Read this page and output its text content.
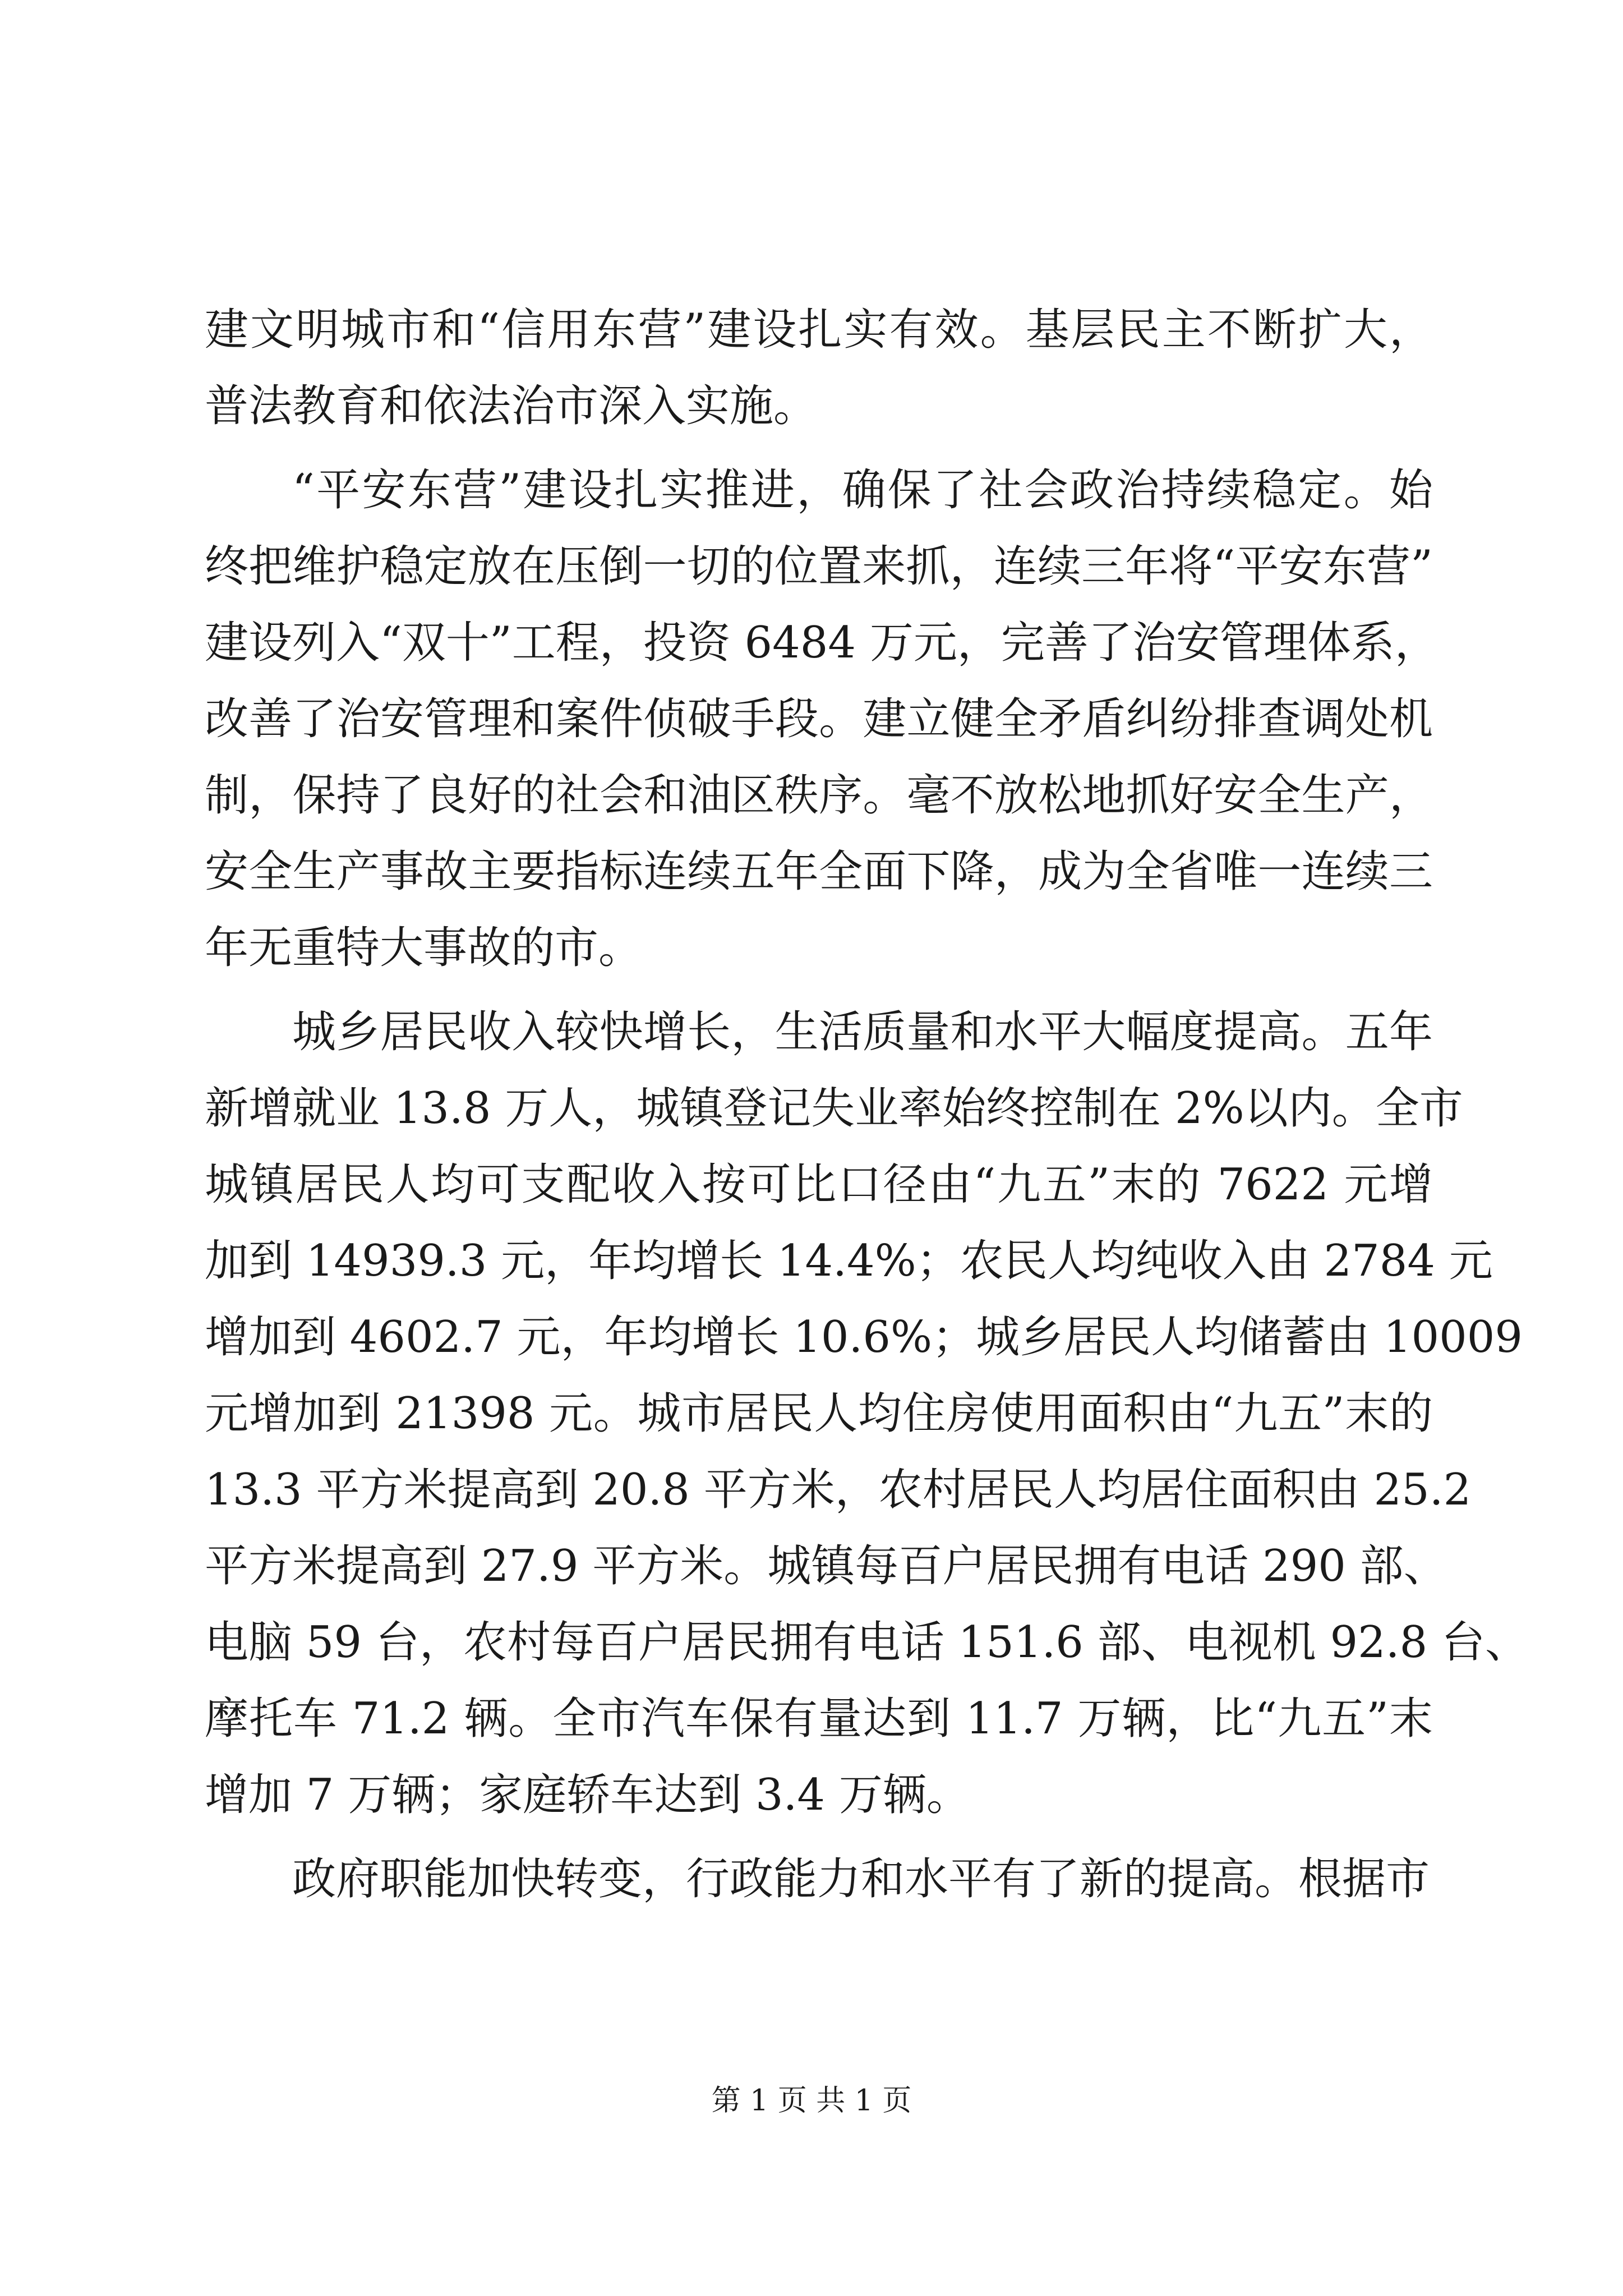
建文明城市和“信用东营”建设扎实有效。基层民主不断扩大，
普法教育和依法治市深入实施。
“平安东营”建设扎实推进，确保了社会政治持续稳定。始
终把维护稳定放在压倒一切的位置来抓，连续三年将“平安东营”
建设列入“双十”工程，投资 6484 万元，完善了治安管理体系，
改善了治安管理和案件侦破手段。建立健全矛盾纠纷排查调处机
制，保持了良好的社会和油区秩序。毫不放松地抓好安全生产，
安全生产事故主要指标连续五年全面下降，成为全省唯一连续三
年无重特大事故的市。
城乡居民收入较快增长，生活质量和水平大幅度提高。五年
新增就业 13.8 万人，城镇登记失业率始终控制在 2%以内。全市
城镇居民人均可支配收入按可比口径由“九五”末的 7622 元增
加到 14939.3 元，年均增长 14.4%；农民人均纯收入由 2784 元
增加到 4602.7 元，年均增长 10.6%；城乡居民人均储蓄由 10009
元增加到 21398 元。城市居民人均住房使用面积由“九五”末的
13.3 平方米提高到 20.8 平方米，农村居民人均居住面积由 25.2
平方米提高到 27.9 平方米。城镇每百户居民拥有电话 290 部、
电脑 59 台，农村每百户居民拥有电话 151.6 部、电视机 92.8 台、
摩托车 71.2 辆。全市汽车保有量达到 11.7 万辆，比“九五”末
增加 7 万辆；家庭轿车达到 3.4 万辆。
政府职能加快转变，行政能力和水平有了新的提高。根据市
第 1 页 共 1 页
